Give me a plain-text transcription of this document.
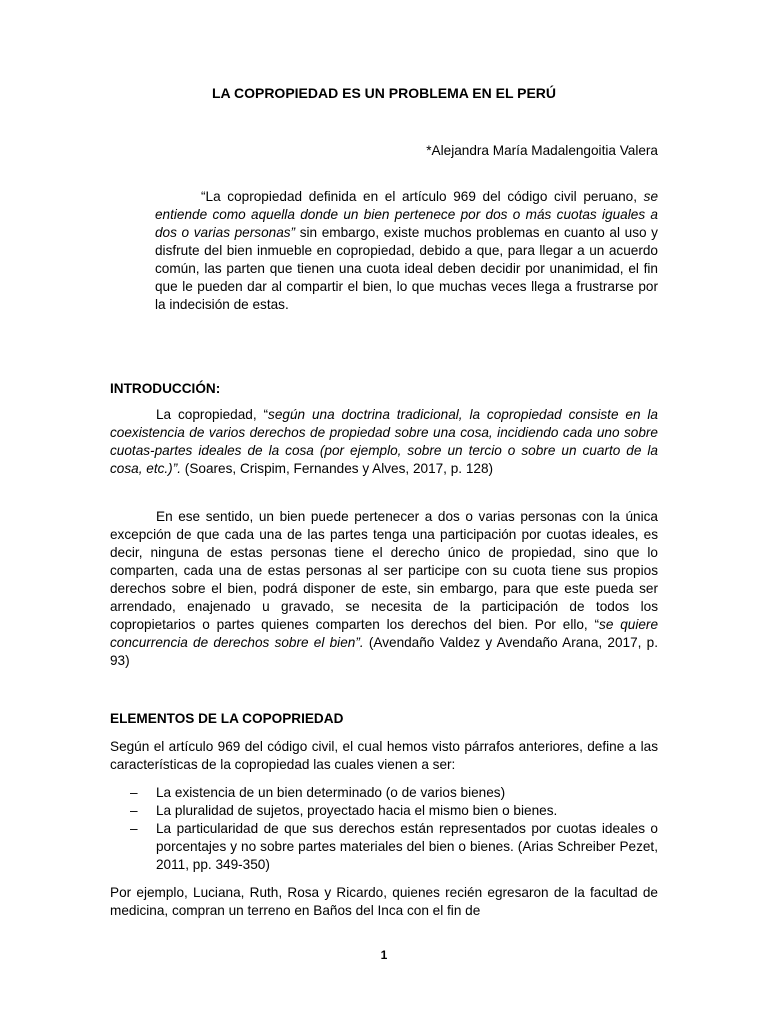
LA COPROPIEDAD ES UN PROBLEMA EN EL PERÚ

*Alejandra María Madalengoitia Valera

“La copropiedad definida en el artículo 969 del código civil peruano, se entiende como aquella donde un bien pertenece por dos o más cuotas iguales a dos o varias personas” sin embargo, existe muchos problemas en cuanto al uso y disfrute del bien inmueble en copropiedad, debido a que, para llegar a un acuerdo común, las parten que tienen una cuota ideal deben decidir por unanimidad, el fin que le pueden dar al compartir el bien, lo que muchas veces llega a frustrarse por la indecisión de estas.

INTRODUCCIÓN:

La copropiedad, “según una doctrina tradicional, la copropiedad consiste en la coexistencia de varios derechos de propiedad sobre una cosa, incidiendo cada uno sobre cuotas-partes ideales de la cosa (por ejemplo, sobre un tercio o sobre un cuarto de la cosa, etc.)”. (Soares, Crispim, Fernandes y Alves, 2017, p. 128)

En ese sentido, un bien puede pertenecer a dos o varias personas con la única excepción de que cada una de las partes tenga una participación por cuotas ideales, es decir, ninguna de estas personas tiene el derecho único de propiedad, sino que lo comparten, cada una de estas personas al ser participe con su cuota tiene sus propios derechos sobre el bien, podrá disponer de este, sin embargo, para que este pueda ser arrendado, enajenado u gravado, se necesita de la participación de todos los copropietarios o partes quienes comparten los derechos del bien. Por ello, “se quiere concurrencia de derechos sobre el bien”. (Avendaño Valdez y Avendaño Arana, 2017, p. 93)

ELEMENTOS DE LA COPOPRIEDAD

Según el artículo 969 del código civil, el cual hemos visto párrafos anteriores, define a las características de la copropiedad las cuales vienen a ser:

– La existencia de un bien determinado (o de varios bienes)
– La pluralidad de sujetos, proyectado hacia el mismo bien o bienes.
– La particularidad de que sus derechos están representados por cuotas ideales o porcentajes y no sobre partes materiales del bien o bienes. (Arias Schreiber Pezet, 2011, pp. 349-350)

Por ejemplo, Luciana, Ruth, Rosa y Ricardo, quienes recién egresaron de la facultad de medicina, compran un terreno en Baños del Inca con el fin de

1
